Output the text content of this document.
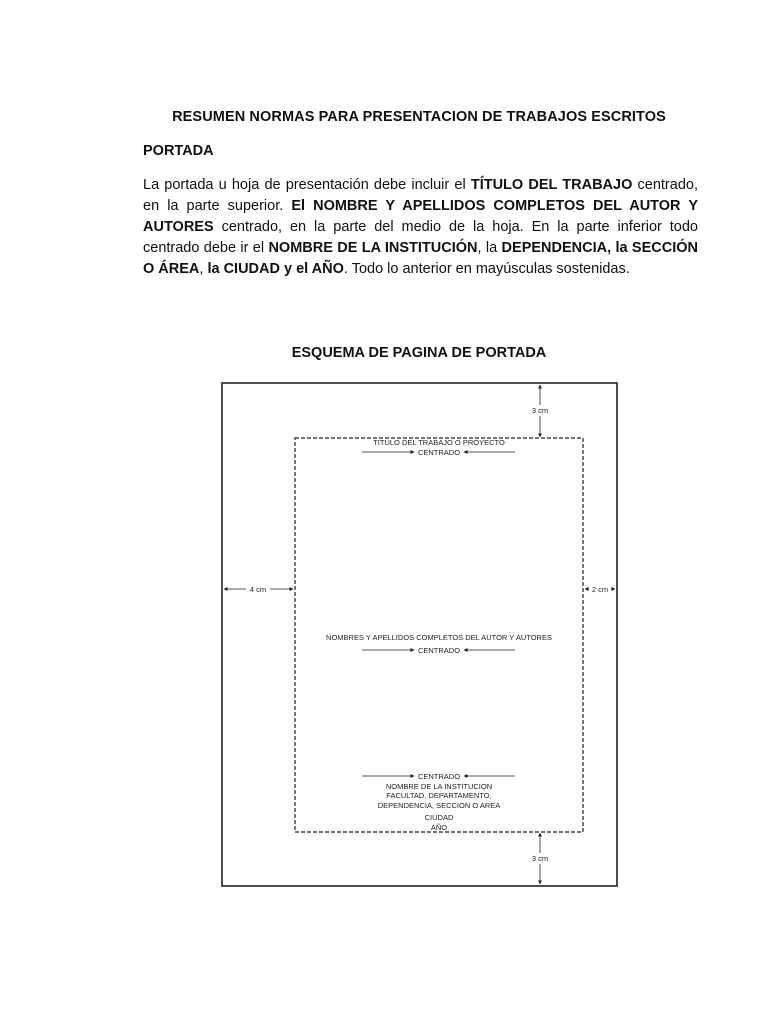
RESUMEN NORMAS PARA PRESENTACION DE TRABAJOS ESCRITOS
PORTADA
La portada u hoja de presentación debe incluir el TÍTULO DEL TRABAJO centrado, en la parte superior. El NOMBRE Y APELLIDOS COMPLETOS DEL AUTOR Y AUTORES centrado, en la parte del medio de la hoja. En la parte inferior todo centrado debe ir el NOMBRE DE LA INSTITUCIÓN, la DEPENDENCIA, la SECCIÓN O ÁREA, la CIUDAD y el AÑO. Todo lo anterior en mayúsculas sostenidas.
ESQUEMA DE PAGINA DE PORTADA
3 cm
3 cm
4 cm	2 cm
TITULO DEL TRABAJO O PROYECTO
CENTRADO
NOMBRES Y APELLIDOS COMPLETOS DEL AUTOR Y AUTORES
CENTRADO
CENTRADO
NOMBRE DE LA INSTITUCION
FACULTAD, DEPARTAMENTO,
DEPENDENCIA, SECCION O AREA
CIUDAD
AÑO
